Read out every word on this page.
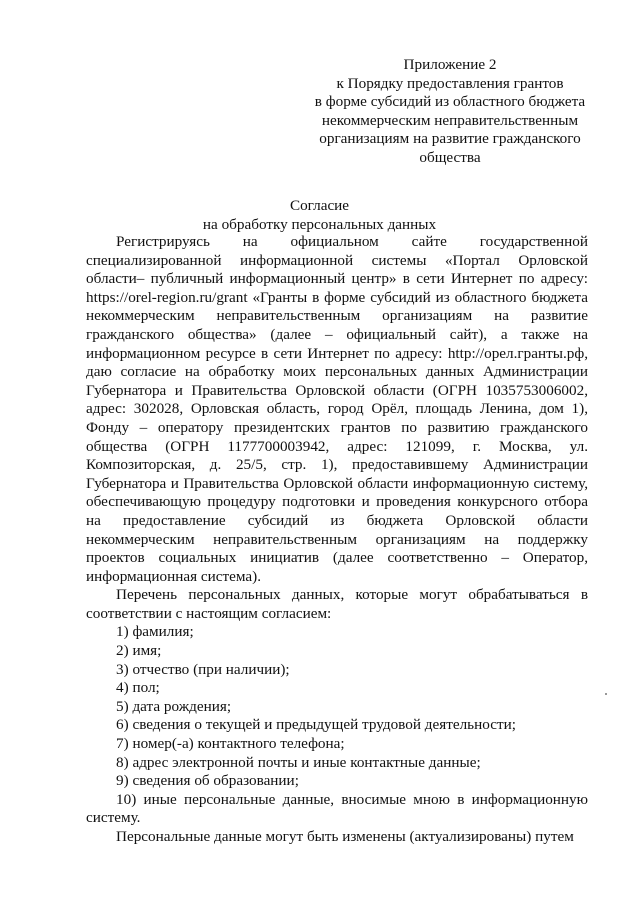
Приложение 2
к Порядку предоставления грантов
в форме субсидий из областного бюджета
некоммерческим неправительственным
организациям на развитие гражданского
общества
Согласие
на обработку персональных данных

Регистрируясь на официальном сайте государственной специализированной информационной системы «Портал Орловской области– публичный информационный центр» в сети Интернет по адресу: https://orel-region.ru/grant «Гранты в форме субсидий из областного бюджета некоммерческим неправительственным организациям на развитие гражданского общества» (далее – официальный сайт), а также на информационном ресурсе в сети Интернет по адресу: http://орел.гранты.рф, даю согласие на обработку моих персональных данных Администрации Губернатора и Правительства Орловской области (ОГРН 1035753006002, адрес: 302028, Орловская область, город Орёл, площадь Ленина, дом 1), Фонду – оператору президентских грантов по развитию гражданского общества (ОГРН 1177700003942, адрес: 121099, г. Москва, ул. Композиторская, д. 25/5, стр. 1), предоставившему Администрации Губернатора и Правительства Орловской области информационную систему, обеспечивающую процедуру подготовки и проведения конкурсного отбора на предоставление субсидий из бюджета Орловской области некоммерческим неправительственным организациям на поддержку проектов социальных инициатив (далее соответственно – Оператор, информационная система).

Перечень персональных данных, которые могут обрабатываться в соответствии с настоящим согласием:

1) фамилия;
2) имя;
3) отчество (при наличии);
4) пол;
5) дата рождения;
6) сведения о текущей и предыдущей трудовой деятельности;
7) номер(-а) контактного телефона;
8) адрес электронной почты и иные контактные данные;
9) сведения об образовании;
10) иные персональные данные, вносимые мною в информационную систему.

Персональные данные могут быть изменены (актуализированы) путем
